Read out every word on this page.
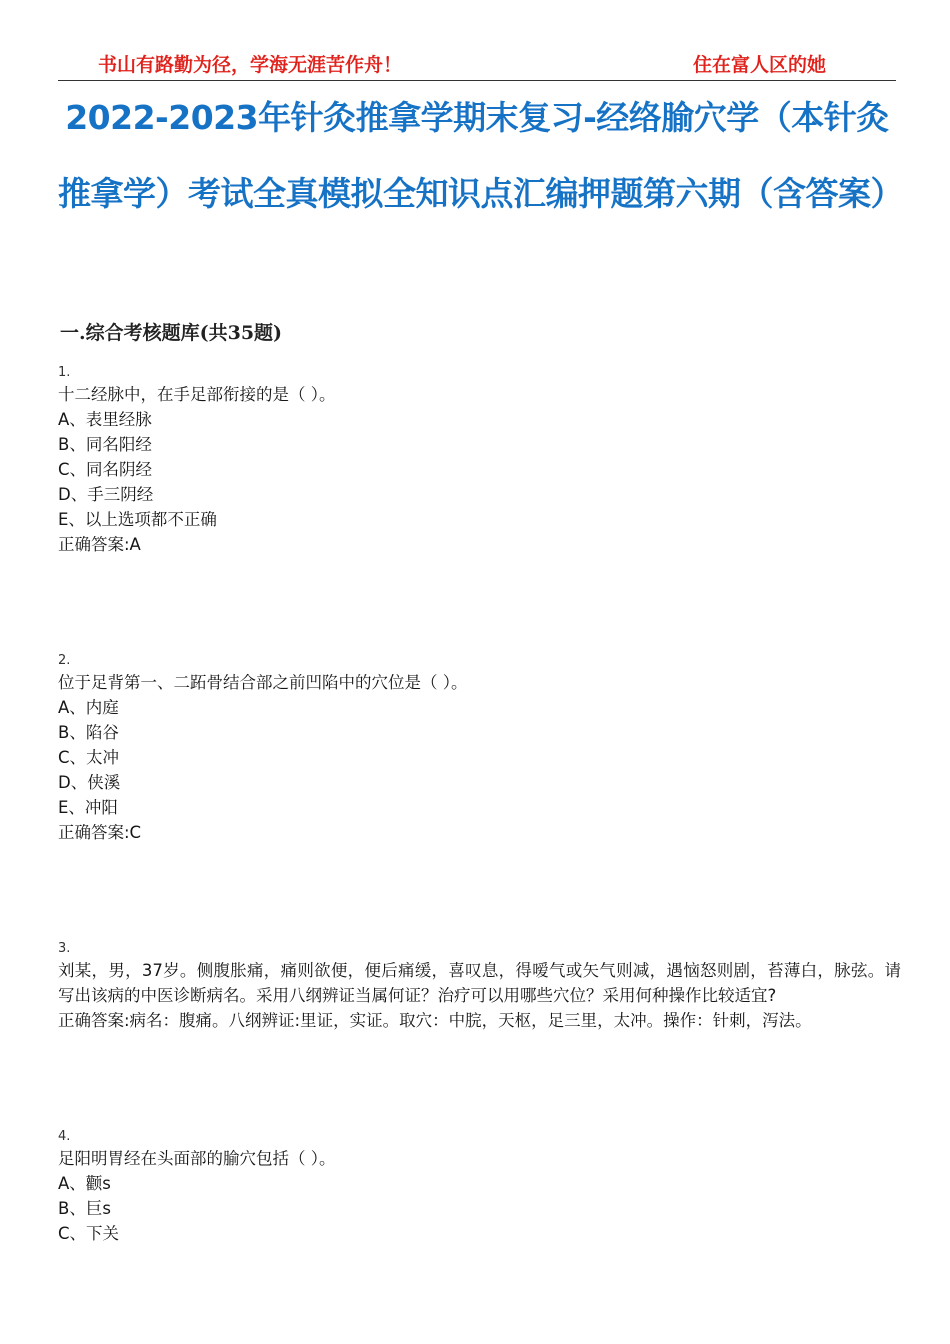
书山有路勤为径，学海无涯苦作舟！	住在富人区的她
2022-2023年针灸推拿学期末复习-经络腧穴学（本针灸推拿学）考试全真模拟全知识点汇编押题第六期（含答案）
一.综合考核题库(共35题)
1.
十二经脉中，在手足部衔接的是（ ）。
A、表里经脉
B、同名阳经
C、同名阴经
D、手三阴经
E、以上选项都不正确
正确答案:A
2.
位于足背第一、二跖骨结合部之前凹陷中的穴位是（ ）。
A、内庭
B、陷谷
C、太冲
D、侠溪
E、冲阳
正确答案:C
3.
刘某，男，37岁。侧腹胀痛，痛则欲便，便后痛缓，喜叹息，得嗳气或矢气则减，遇恼怒则剧，苔薄白，脉弦。请写出该病的中医诊断病名。采用八纲辨证当属何证？治疗可以用哪些穴位？采用何种操作比较适宜?
正确答案:病名：腹痛。八纲辨证:里证，实证。取穴：中脘，天枢，足三里，太冲。操作：针刺，泻法。
4.
足阳明胃经在头面部的腧穴包括（ ）。
A、颧s
B、巨s
C、下关
